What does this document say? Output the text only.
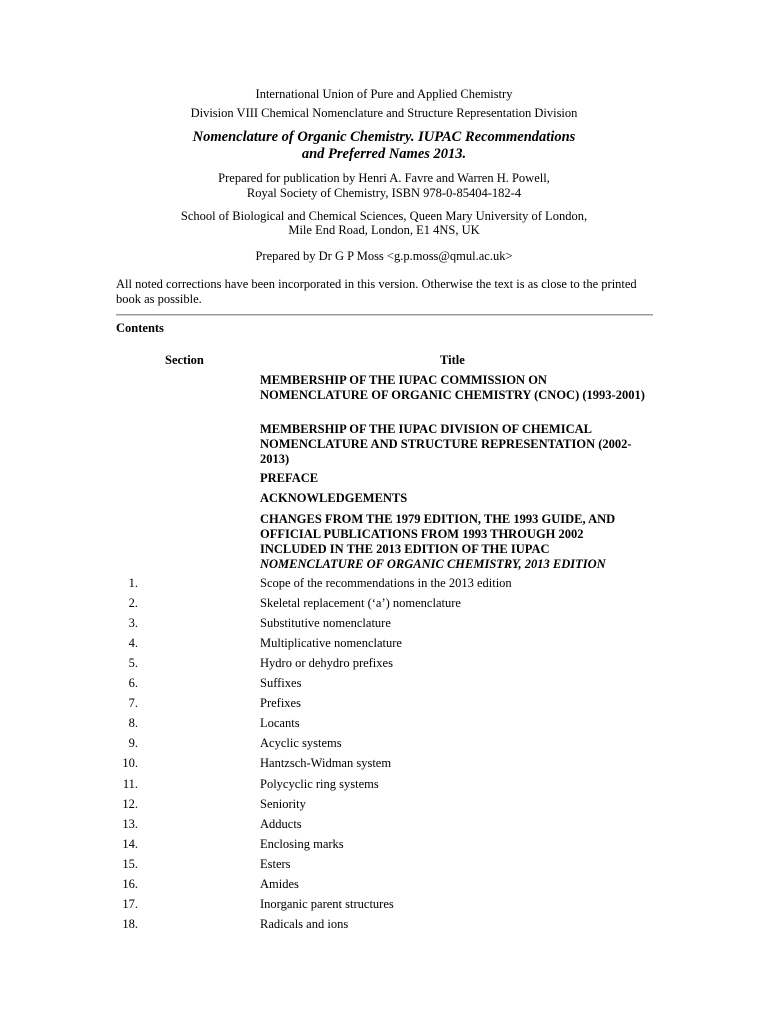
International Union of Pure and Applied Chemistry
Division VIII Chemical Nomenclature and Structure Representation Division
Nomenclature of Organic Chemistry. IUPAC Recommendations
and Preferred Names 2013.
Prepared for publication by Henri A. Favre and Warren H. Powell,
Royal Society of Chemistry, ISBN 978-0-85404-182-4
School of Biological and Chemical Sciences, Queen Mary University of London,
Mile End Road, London, E1 4NS, UK
Prepared by Dr G P Moss <g.p.moss@qmul.ac.uk>
All noted corrections have been incorporated in this version. Otherwise the text is as close to the printed book as possible.
Contents
Section	Title
MEMBERSHIP OF THE IUPAC COMMISSION ON NOMENCLATURE OF ORGANIC CHEMISTRY (CNOC) (1993-2001)
MEMBERSHIP OF THE IUPAC DIVISION OF CHEMICAL NOMENCLATURE AND STRUCTURE REPRESENTATION (2002-2013)
PREFACE
ACKNOWLEDGEMENTS
CHANGES FROM THE 1979 EDITION, THE 1993 GUIDE, AND OFFICIAL PUBLICATIONS FROM 1993 THROUGH 2002 INCLUDED IN THE 2013 EDITION OF THE IUPAC NOMENCLATURE OF ORGANIC CHEMISTRY, 2013 EDITION
1.	Scope of the recommendations in the 2013 edition
2.	Skeletal replacement (‘a’) nomenclature
3.	Substitutive nomenclature
4.	Multiplicative nomenclature
5.	Hydro or dehydro prefixes
6.	Suffixes
7.	Prefixes
8.	Locants
9.	Acyclic systems
10.	Hantzsch-Widman system
11.	Polycyclic ring systems
12.	Seniority
13.	Adducts
14.	Enclosing marks
15.	Esters
16.	Amides
17.	Inorganic parent structures
18.	Radicals and ions
